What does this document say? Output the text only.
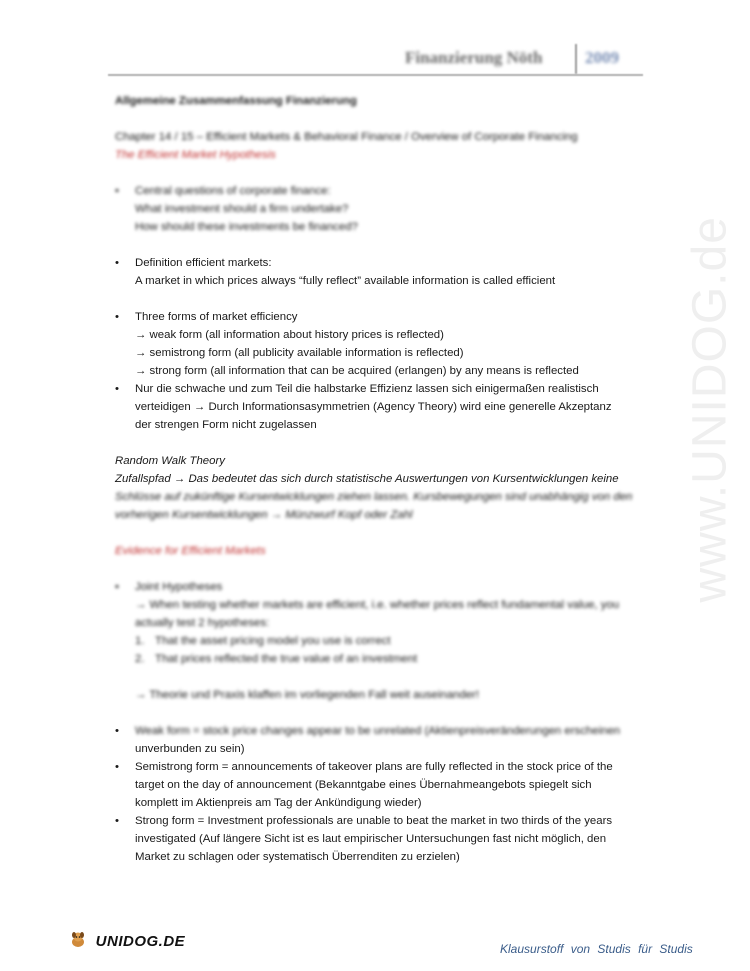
Finanzierung Nöth	2009
www.UNIDOG.de

Allgemeine Zusammenfassung Finanzierung

Chapter 14 / 15 – Efficient Markets & Behavioral Finance / Overview of Corporate Financing

The Efficient Market Hypothesis

• Central questions of corporate finance:
What investment should a firm undertake?
How should these investments be financed?
• Definition efficient markets:
A market in which prices always “fully reflect” available information is called efficient
• Three forms of market efficiency
→ weak form (all information about history prices is reflected)
→ semistrong form (all publicity available information is reflected)
→ strong form (all information that can be acquired (erlangen) by any means is reflected
• Nur die schwache und zum Teil die halbstarke Effizienz lassen sich einigermaßen realistisch
verteidigen → Durch Informationsasymmetrien (Agency Theory) wird eine generelle Akzeptanz
der strengen Form nicht zugelassen

Random Walk Theory

Zufallspfad → Das bedeutet das sich durch statistische Auswertungen von Kursentwicklungen keine

Schlüsse auf zukünftige Kursentwicklungen ziehen lassen. Kursbewegungen sind unabhängig von den

vorherigen Kursentwicklungen → Münzwurf Kopf oder Zahl

Evidence for Efficient Markets

• Joint Hypotheses
→ When testing whether markets are efficient, i.e. whether prices reflect fundamental value, you
actually test 2 hypotheses:
1. That the asset pricing model you use is correct
2. That prices reflected the true value of an investment
→ Theorie und Praxis klaffen im vorliegenden Fall weit auseinander!
• Weak form = stock price changes appear to be unrelated (Aktienpreisveränderungen erscheinen
unverbunden zu sein)
• Semistrong form = announcements of takeover plans are fully reflected in the stock price of the
target on the day of announcement (Bekanntgabe eines Übernahmeangebots spiegelt sich
komplett im Aktienpreis am Tag der Ankündigung wieder)
• Strong form = Investment professionals are unable to beat the market in two thirds of the years
investigated (Auf längere Sicht ist es laut empirischer Untersuchungen fast nicht möglich, den
Market zu schlagen oder systematisch Überrenditen zu erzielen)
UNIDOG.DE	Klausurstoff von Studis für Studis
